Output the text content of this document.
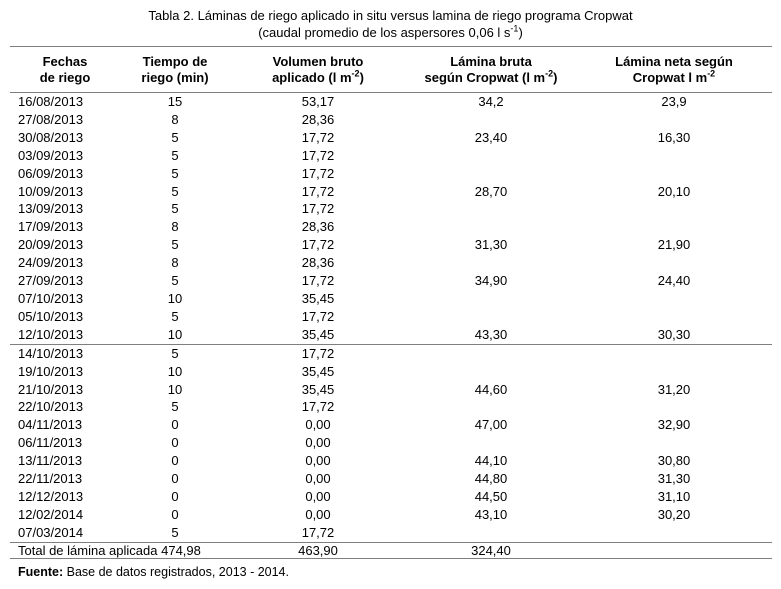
Tabla 2. Láminas de riego aplicado in situ versus lamina de riego programa Cropwat
(caudal promedio de los aspersores 0,06 l $s^{-1}$)
Fechas
de riego

Tiempo de
riego (min)

Volumen bruto
aplicado (l $m^{-2}$)

Lámina bruta
según Cropwat (l $m^{-2}$)

Lámina neta según
Cropwat l $m^{-2}$

16/08/2013	15	53,17	34,2	23,9
27/08/2013	8	28,36		
30/08/2013	5	17,72	23,40	16,30
03/09/2013	5	17,72		
06/09/2013	5	17,72		
10/09/2013	5	17,72	28,70	20,10
13/09/2013	5	17,72		
17/09/2013	8	28,36		
20/09/2013	5	17,72	31,30	21,90
24/09/2013	8	28,36		
27/09/2013	5	17,72	34,90	24,40
07/10/2013	10	35,45		
05/10/2013	5	17,72		
12/10/2013	10	35,45	43,30	30,30
14/10/2013	5	17,72		
19/10/2013	10	35,45		
21/10/2013	10	35,45	44,60	31,20
22/10/2013	5	17,72		
04/11/2013	0	0,00	47,00	32,90
06/11/2013	0	0,00		
13/11/2013	0	0,00	44,10	30,80
22/11/2013	0	0,00	44,80	31,30
12/12/2013	0	0,00	44,50	31,10
12/02/2014	0	0,00	43,10	30,20
07/03/2014	5	17,72		
Total de lámina aplicada 474,98		463,90	324,40	
Fuente: Base de datos registrados, 2013 - 2014.
